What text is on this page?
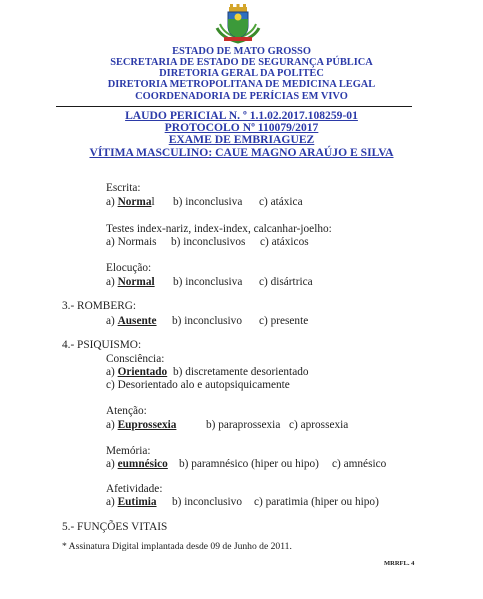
ESTADO DE MATO GROSSO
SECRETARIA DE ESTADO DE SEGURANÇA PÚBLICA
DIRETORIA GERAL DA POLITEC
DIRETORIA METROPOLITANA DE MEDICINA LEGAL
COORDENADORIA DE PERÍCIAS EM VIVO
LAUDO PERICIAL N. º 1.1.02.2017.108259-01
PROTOCOLO Nº 110079/2017
EXAME DE EMBRIAGUEZ
VÍTIMA MASCULINO: CAUE MAGNO ARAÚJO E SILVA
Escrita:
a) Normal b) inconclusiva c) atáxica
Testes index-nariz, index-index, calcanhar-joelho:
a) Normais b) inconclusivos c) atáxicos
Elocução:
a) Normal b) inconclusiva c) disártrica
3.- ROMBERG:
a) Ausente b) inconclusivo c) presente
4.- PSIQUISMO:
Consciência:
a) Orientado b) discretamente desorientado
c) Desorientado alo e autopsiquicamente
Atenção:
a) Euprossexia	b) paraprossexia c) aprossexia
Memória:
a) eumnésico b) paramnésico (hiper ou hipo) c) amnésico
Afetividade:
a) Eutimia b) inconclusivo c) paratimia (hiper ou hipo)
5.- FUNÇÕES VITAIS
* Assinatura Digital implantada desde 09 de Junho de 2011.
MRRFL. 4
